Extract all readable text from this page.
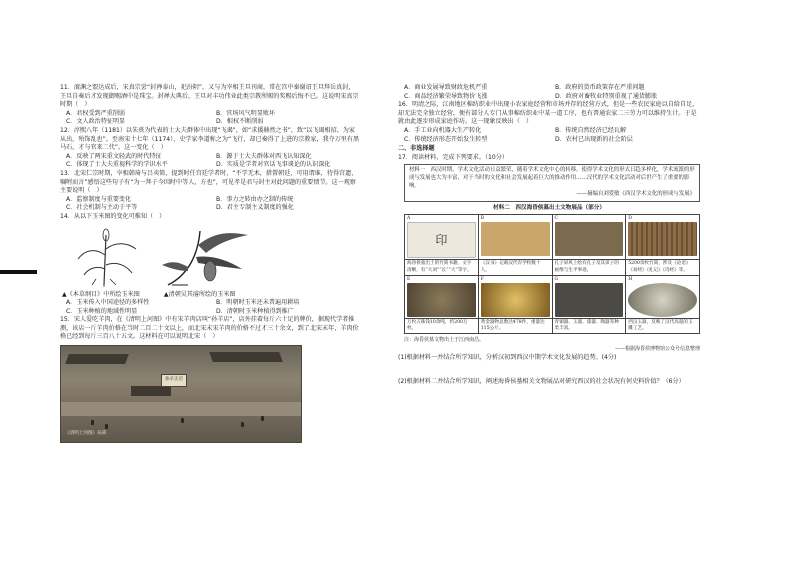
11．澶渊之盟达成后，宋真宗尝“封禅泰山，祀汾阴”，又与为宰相王旦刊商，常在宫中秦谢诏王旦拜岳真封，王旦自奏后才发现御赐酒中是珠宝。封禅大典后，王旦对丰功伟业此类宗教所赐的奖赐后悔不已。这说明宋真宗时期（　）
A．君权受到严重削弱	B．官场风气明显败坏
C．文人政治特征明显	D．相权不断削弱
12．淳熙八年（1181）以朱熹为代表的士大夫群体中出现“飞谒”，如“求援赫然之书”，致“以飞谒相招、为家从出，殆饰乱也”。至南宋十七年（1174），史学家李道称之为“飞行，却已奏得了上进的宗教家，我夺万里有黑马石，才与官来二代”。这一变化（　）
A．反映了两宋重文轻武的时代特征	B．源于士大夫群体对西飞认知深化
C．体现了士大夫重视科学的学识水平	D．实质是学者对官话飞事谈论的认识深化
13．北宋仁宗时期，宰相韩琦与吕夷简，提到时任宫廷学者时，“不学无术，措置朝廷，可用谓谁，待得宫遗，嘱咐而言”感悟这些句子有“为一拜子今因时中等人，方也”，可见孝是君与封主对此问题的重要情节。这一观察主要说明（　）
A．监察制度与重要变化	B．事力之转由办之制的传统
C．社会机制与主动于平等	D．君主专制主义制度的强化
14．从以下玉米图的变化可推知（　）
▲《本草纲目》中所绘玉米图	▲清朝吴其濬所绘的玉米图
A．玉米传入中国途径的多样性	B．明朝时玉米还未普遍用耕培
C．玉米种植的地域性明显	D．清朝时玉米种植得到推广
15．宋人爱吃羊肉，在《清明上河图》中有宋羊肉店叫“孙羊店”，店外挂着每斤六十足的牌价，据现代学者推测，该店一斤羊肉价格在当时二百二十文以上，而北宋末宋羊肉的价格不过才三十余文，到了北宋末年，羊肉价格已经到每斤三百八十五文。这材料在可以说明北宋（　）
孙羊正店
《清明上河图》局部
A．商业发展导致财政危机严重	B．政府的货币政策存在严重问题
C．商品经济繁荣导致物价飞涨	D．政府对畜牧业特别重视了通货膨胀
16．明清之际，江南地区棉纺织业中出现小农家庭经营和市场并存的经营方式，但是一些农民家庭以自给自足，却无法完全独立经营，便有部分人专门从事棉纺织业中某一道工序，也有普通农家二三劳力可以维持生计。于是就由此逐步形成家庭作坊。这一现象反映出（　）
A．手工业向机器大生产转化	B．传统自然经济已经瓦解
C．传统经济形态开始发生转型	D．农村已出现新的社会阶层
二、非选择题
17．阅读材料，完成下列要求。（10分）
材料一　西汉时期，学术文化活动日益繁荣，随着学术文化中心的转移，使得学术文化的形式日趋多样化，学术流派的形成与发展也大为丰富，对于当时的文化和社会发展起着巨大的推动作用……汉代的学术文化活动对后世产生了重要的影响。
——摘编自刘爱敏《西汉学术文化的形成与发展》
材料二　西汉海昏侯墓出土文物展品（部分）
A
印	B	C	D

海昏侯墓出土的竹简书籍，文字清晰，有“大刘”“长”“大”等字。	《汉书》记载汉代有学校数十人。	孔子屏风上绘有孔子及其弟子的画像与生平事迹。	5200余枚竹简，涉及《论语》《易经》《礼记》《诗经》等。
E	F	G	H

万枚五铢钱10余吨，约200万枚。	黄金器物总数达478件，重量达115公斤。	青铜器、玉器、漆器、陶器等种类丰富。	西汉玉器，反映了汉代高超的玉雕工艺。
注：海昏侯墓文物出土于江西南昌。
——根据海昏侯博物馆公众号信息整理
(1)根据材料一并结合所学知识，分析汉初到西汉中期学术文化发展的趋势。(4分)
(2)根据材料二并结合所学知识，阐述海昏侯墓相关文物展品对研究西汉的社会状况有何史料价值？（6分）
